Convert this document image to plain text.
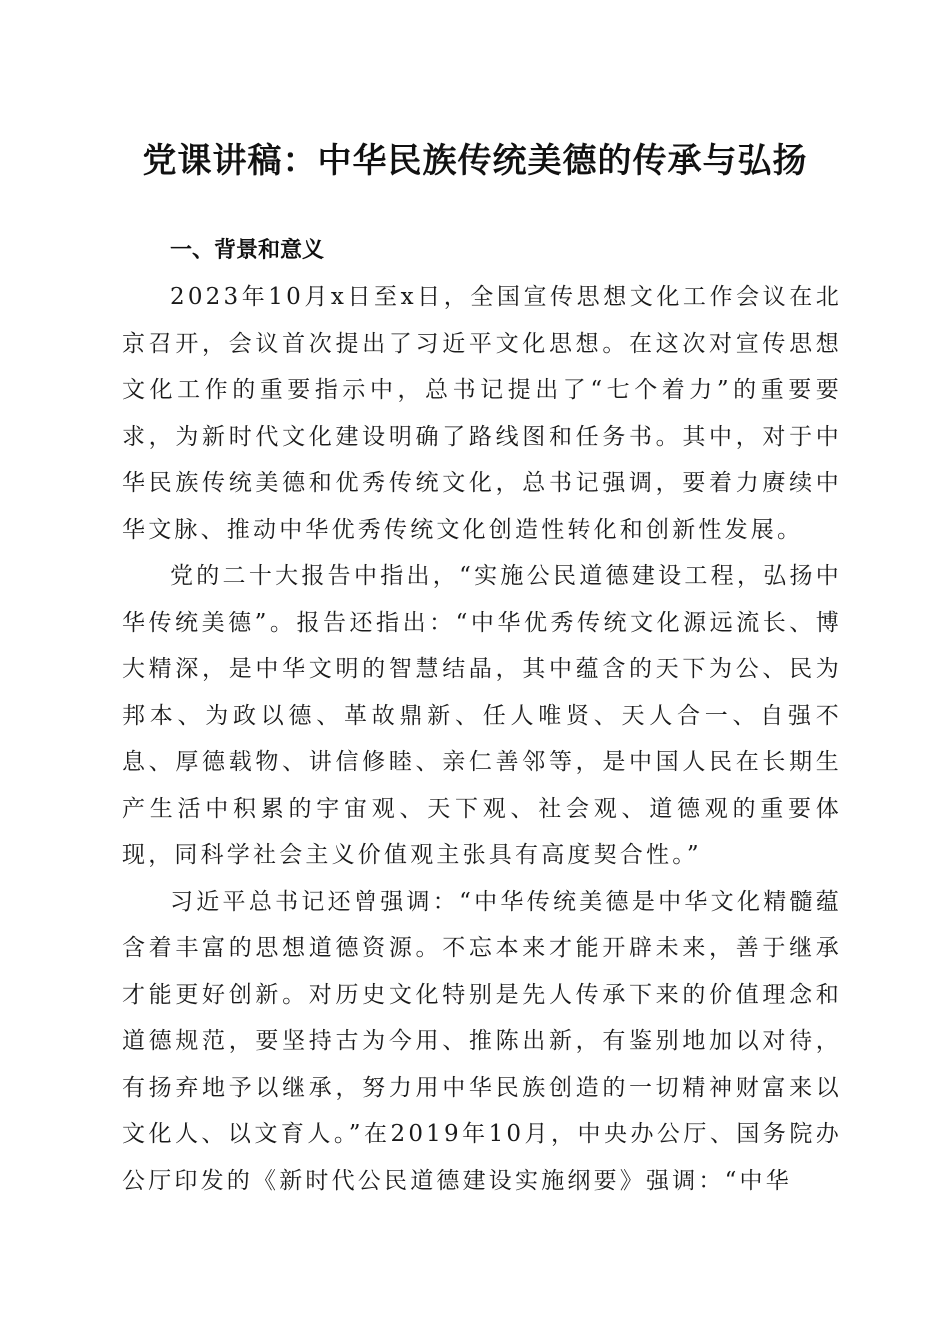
党课讲稿：中华民族传统美德的传承与弘扬
一、背景和意义

2023年10月x日至x日，全国宣传思想文化工作会议在北京召开，会议首次提出了习近平文化思想。在这次对宣传思想文化工作的重要指示中，总书记提出了“七个着力”的重要要求，为新时代文化建设明确了路线图和任务书。其中，对于中华民族传统美德和优秀传统文化，总书记强调，要着力赓续中华文脉、推动中华优秀传统文化创造性转化和创新性发展。

党的二十大报告中指出，“实施公民道德建设工程，弘扬中华传统美德”。报告还指出：“中华优秀传统文化源远流长、博大精深，是中华文明的智慧结晶，其中蕴含的天下为公、民为邦本、为政以德、革故鼎新、任人唯贤、天人合一、自强不息、厚德载物、讲信修睦、亲仁善邻等，是中国人民在长期生产生活中积累的宇宙观、天下观、社会观、道德观的重要体现，同科学社会主义价值观主张具有高度契合性。”

习近平总书记还曾强调：“中华传统美德是中华文化精髓蕴含着丰富的思想道德资源。不忘本来才能开辟未来，善于继承才能更好创新。对历史文化特别是先人传承下来的价值理念和道德规范，要坚持古为今用、推陈出新，有鉴别地加以对待，有扬弃地予以继承，努力用中华民族创造的一切精神财富来以文化人、以文育人。”在2019年10月，中央办公厅、国务院办公厅印发的《新时代公民道德建设实施纲要》强调：“中华
